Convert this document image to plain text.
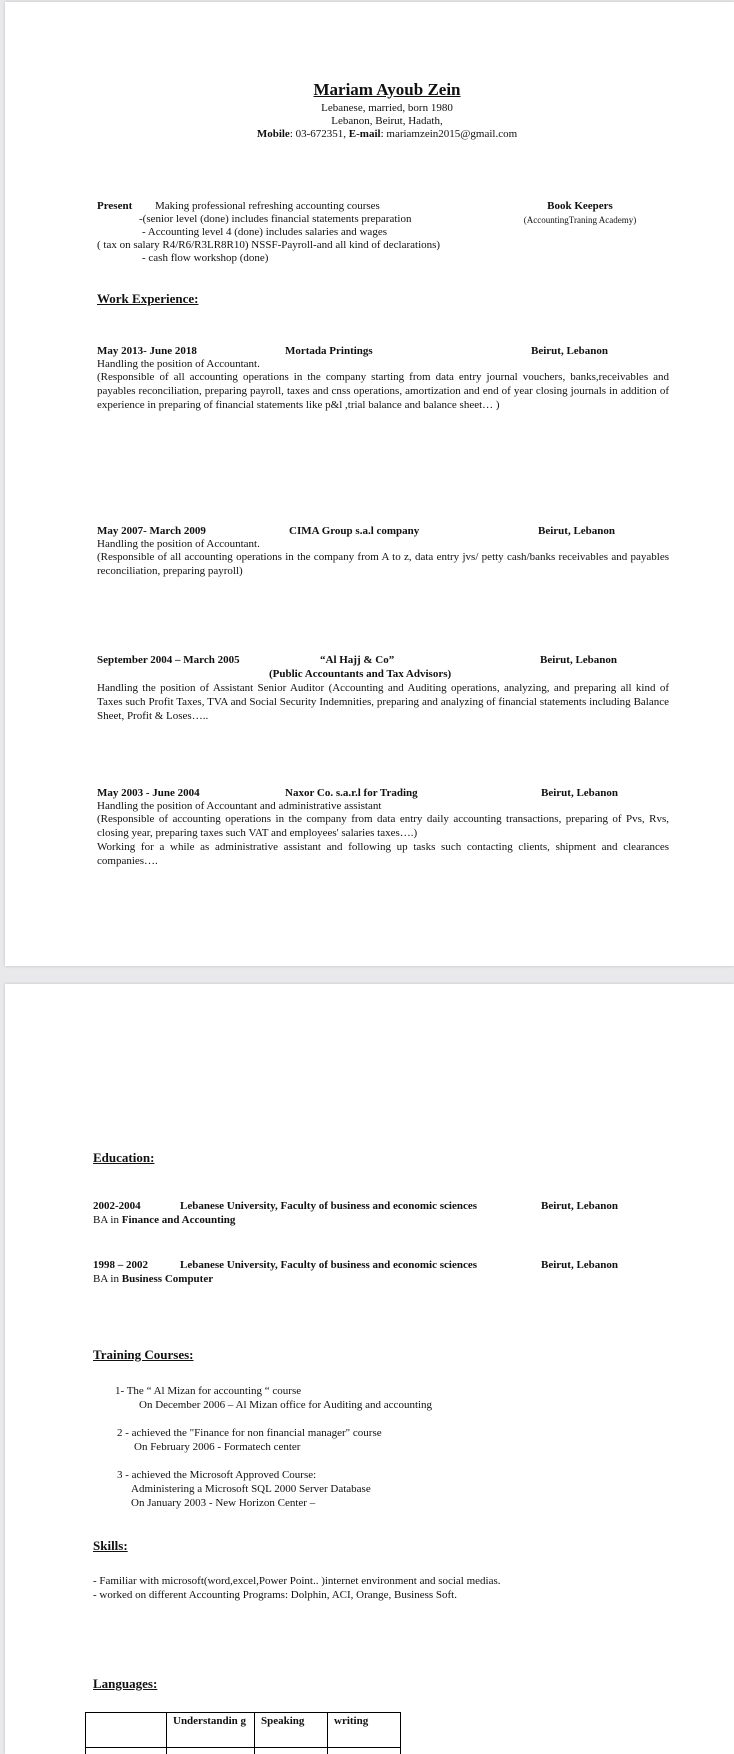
Mariam Ayoub Zein
Lebanese, married, born 1980
Lebanon, Beirut, Hadath,
Mobile: 03-672351, E-mail: mariamzein2015@gmail.com
Present Making professional refreshing accounting courses
-(senior level (done) includes financial statements preparation
- Accounting level 4 (done) includes salaries and wages
( tax on salary R4/R6/R3LR8R10) NSSF-Payroll-and all kind of declarations)
- cash flow workshop (done)
Book Keepers
(AccountingTraning Academy)
Work Experience:
May 2013- June 2018	Mortada Printings	Beirut, Lebanon
Handling the position of Accountant.
(Responsible of all accounting operations in the company starting from data entry journal vouchers, banks,receivables and payables reconciliation, preparing payroll, taxes and cnss operations, amortization and end of year closing journals in addition of experience in preparing of financial statements like p&l ,trial balance and balance sheet… )
May 2007- March 2009	CIMA Group s.a.l company	Beirut, Lebanon
Handling the position of Accountant.
(Responsible of all accounting operations in the company from A to z, data entry jvs/ petty cash/banks receivables and payables reconciliation, preparing payroll)
September 2004 – March 2005	“Al Hajj & Co”	Beirut, Lebanon
(Public Accountants and Tax Advisors)
Handling the position of Assistant Senior Auditor (Accounting and Auditing operations, analyzing, and preparing all kind of Taxes such Profit Taxes, TVA and Social Security Indemnities, preparing and analyzing of financial statements including Balance Sheet, Profit & Loses…..
May 2003 - June 2004	Naxor Co. s.a.r.l for Trading	Beirut, Lebanon
Handling the position of Accountant and administrative assistant
(Responsible of accounting operations in the company from data entry daily accounting transactions, preparing of Pvs, Rvs, closing year, preparing taxes such VAT and employees' salaries taxes….)
Working for a while as administrative assistant and following up tasks such contacting clients, shipment and clearances companies….
Education:
2002-2004	Lebanese University, Faculty of business and economic sciences	Beirut, Lebanon
BA in Finance and Accounting
1998 – 2002	Lebanese University, Faculty of business and economic sciences	Beirut, Lebanon
BA in Business Computer
Training Courses:
1- The “ Al Mizan for accounting “ course
On December 2006 – Al Mizan office for Auditing and accounting
2 - achieved the "Finance for non financial manager" course
On February 2006 - Formatech center
3 - achieved the Microsoft Approved Course:
Administering a Microsoft SQL 2000 Server Database
On January 2003 - New Horizon Center –
Skills:
- Familiar with microsoft(word,excel,Power Point.. )internet environment and social medias.
- worked on different Accounting Programs: Dolphin, ACI, Orange, Business Soft.
Languages:
	Understandin g	Speaking	writing
